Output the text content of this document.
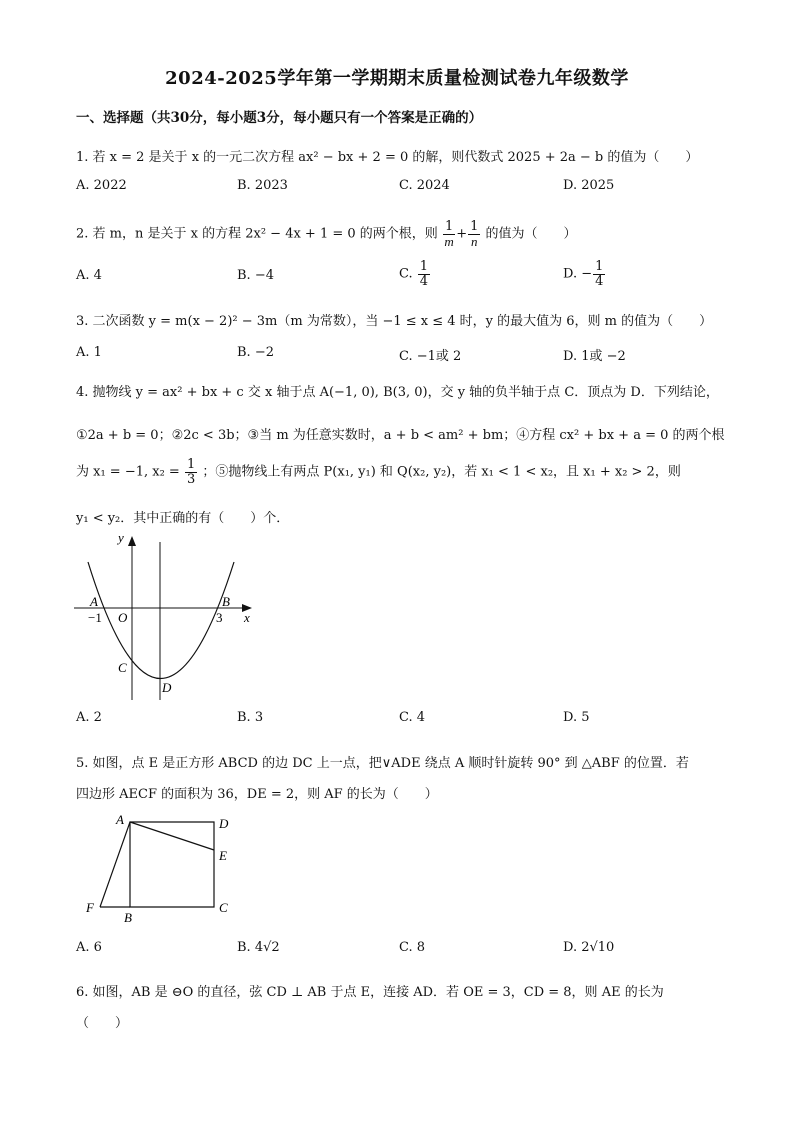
2024-2025学年第一学期期末质量检测试卷九年级数学
一、选择题（共30分，每小题3分，每小题只有一个答案是正确的）
1. 若 x = 2 是关于 x 的一元二次方程 ax² − bx + 2 = 0 的解，则代数式 2025 + 2a − b 的值为（　　）
A. 2022	B. 2023	C. 2024	D. 2025
2. 若 m，n 是关于 x 的方程 2x² − 4x + 1 = 0 的两个根，则 $\frac{1}{m} + \frac{1}{n}$ 的值为（　　）
A. 4	B. −4	C. $\frac{1}{4}$	D. − $\frac{1}{4}$
3. 二次函数 y = m(x − 2)² − 3m（m 为常数），当 −1 ≤ x ≤ 4 时，y 的最大值为 6，则 m 的值为（　　）
A. 1	B. −2	C. −1或 2	D. 1或 −2
4. 抛物线 y = ax² + bx + c 交 x 轴于点 A(−1, 0), B(3, 0)，交 y 轴的负半轴于点 C．顶点为 D．下列结论，
①2a + b = 0；②2c < 3b；③当 m 为任意实数时，a + b < am² + bm；④方程 cx² + bx + a = 0 的两个根
为 x₁ = −1, $x_2 = \frac{1}{3}$ ；⑤抛物线上有两点 P(x₁, y₁) 和 Q(x₂, y₂)，若 x₁ < 1 < x₂，且 x₁ + x₂ > 2，则
y₁ < y₂．其中正确的有（　　）个．
y
x
A	B
O
C
D
−1	3
A. 2	B. 3	C. 4	D. 5
5. 如图，点 E 是正方形 ABCD 的边 DC 上一点，把∨ADE 绕点 A 顺时针旋转 90° 到 △ABF 的位置．若
四边形 AECF 的面积为 36，DE = 2，则 AF 的长为（　　）
A	D
E
F
B
C
A. 6	B. 4√2	C. 8	D. 2√10
6. 如图，AB 是 ⊖O 的直径，弦 CD ⊥ AB 于点 E，连接 AD．若 OE = 3，CD = 8，则 AE 的长为
（　　）
